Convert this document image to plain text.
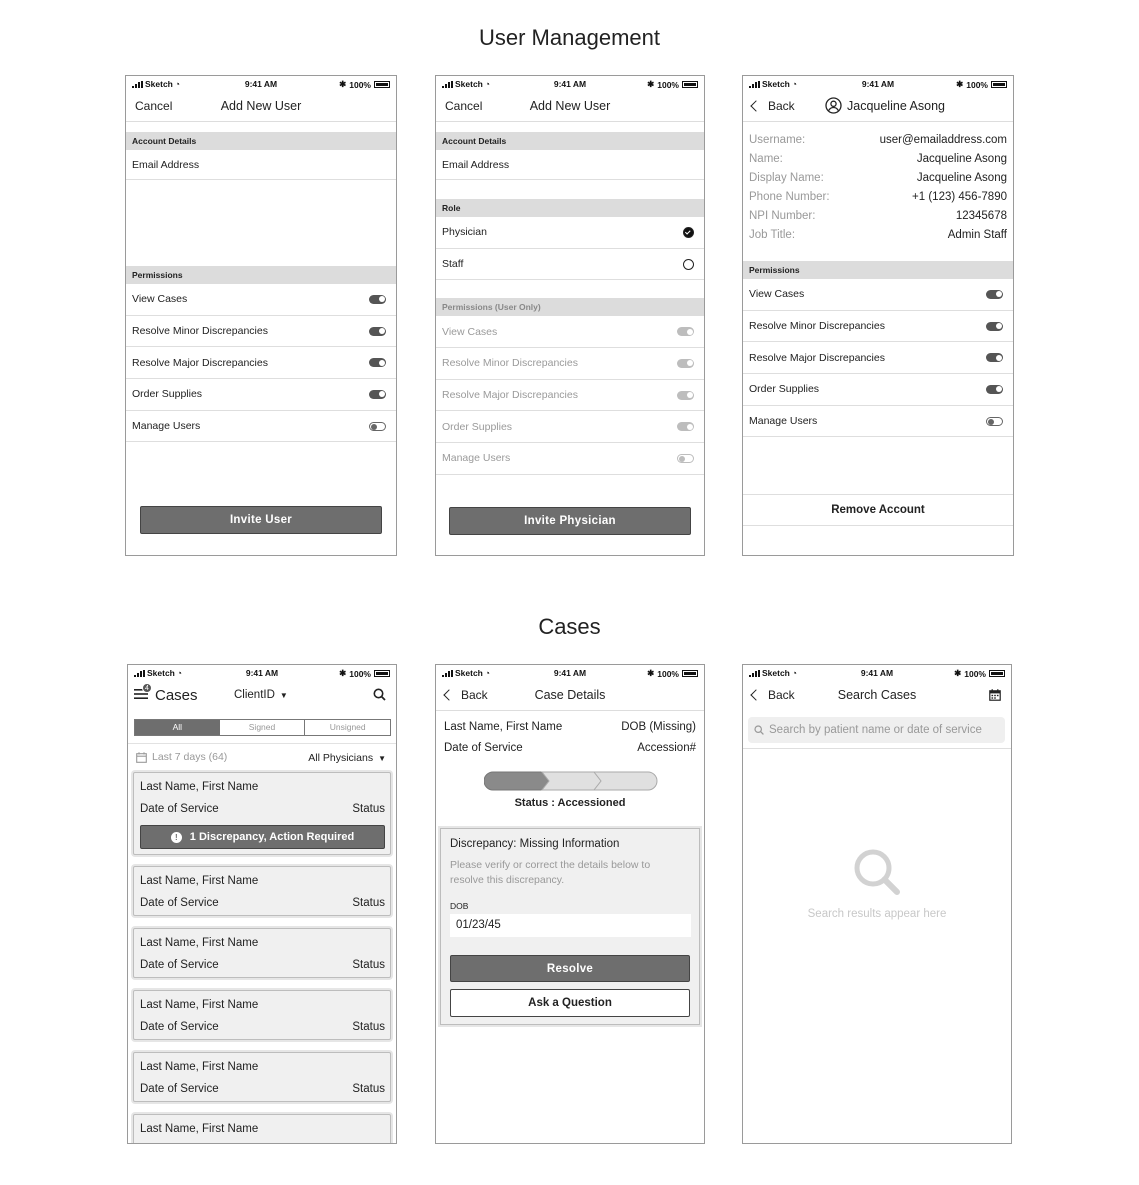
User Management
Cases
Sketch ◔	9:41 AM	✱ 100%
Cancel	Add New User
Account Details
Email Address
Permissions
View Cases
Resolve Minor Discrepancies
Resolve Major Discrepancies
Order Supplies
Manage Users
Invite User
Sketch ◔	9:41 AM	✱ 100%
Cancel	Add New User
Account Details
Email Address
Role
Physician
Staff
Permissions (User Only)
View Cases
Resolve Minor Discrepancies
Resolve Major Discrepancies
Order Supplies
Manage Users
Invite Physician
Sketch ◔	9:41 AM	✱ 100%
Back	Jacqueline Asong
Username:	user@emailaddress.com
Name:	Jacqueline Asong
Display Name:	Jacqueline Asong
Phone Number:	+1 (123) 456-7890
NPI Number:	12345678
Job Title:	Admin Staff
Permissions
View Cases
Resolve Minor Discrepancies
Resolve Major Discrepancies
Order Supplies
Manage Users
Remove Account
Sketch ◔	9:41 AM	✱ 100%
4 Cases	ClientID ▼
All	Signed	Unsigned
Last 7 days (64)	All Physicians ▼
Last Name, First Name
Date of Service	Status
!	1 Discrepancy, Action Required
Last Name, First Name
Date of Service	Status
Last Name, First Name
Date of Service	Status
Last Name, First Name
Date of Service	Status
Last Name, First Name
Date of Service	Status
Last Name, First Name
Sketch ◔	9:41 AM	✱ 100%
Back	Case Details
Last Name, First Name	DOB (Missing)
Date of Service	Accession#
Status : Accessioned
Discrepancy: Missing Information
Please verify or correct the details below to resolve this discrepancy.
DOB
01/23/45
Resolve
Ask a Question
Sketch ◔	9:41 AM	✱ 100%
Back	Search Cases
Search by patient name or date of service
Search results appear here
